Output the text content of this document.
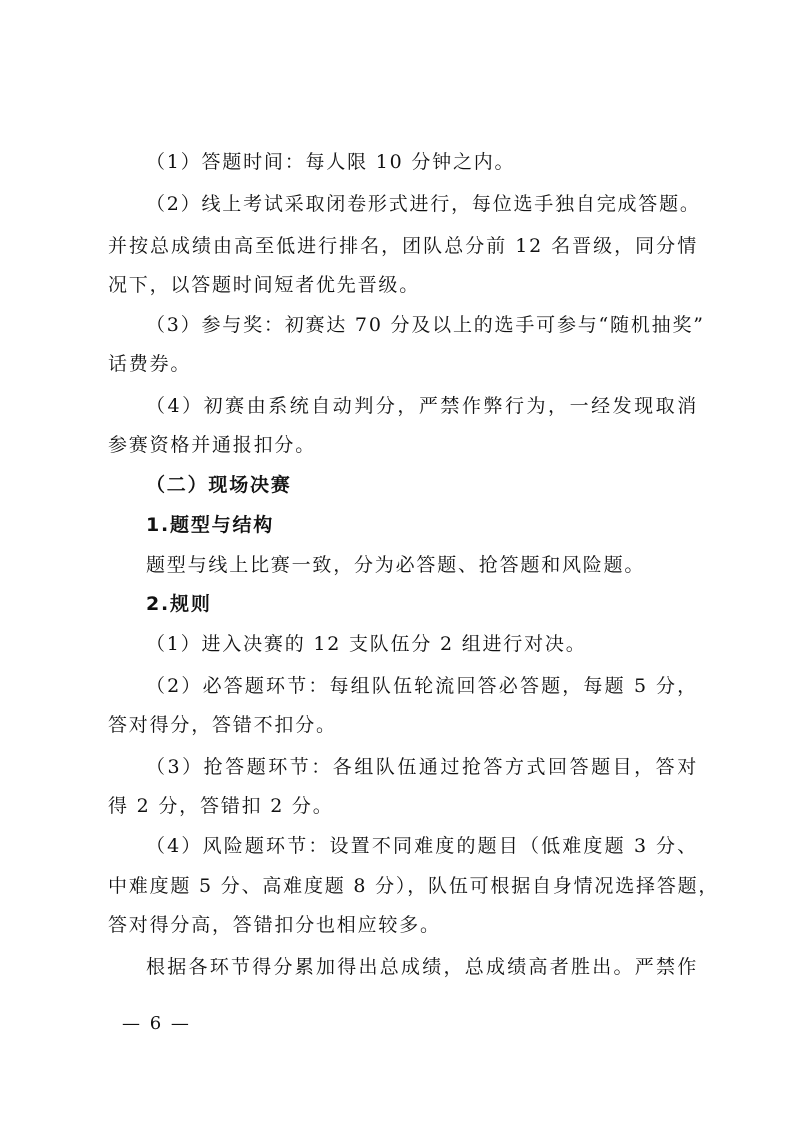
（1）答题时间：每人限 10 分钟之内。
（2）线上考试采取闭卷形式进行，每位选手独自完成答题。
并按总成绩由高至低进行排名，团队总分前 12 名晋级，同分情
况下，以答题时间短者优先晋级。
（3）参与奖：初赛达 70 分及以上的选手可参与“随机抽奖”
话费券。
（4）初赛由系统自动判分，严禁作弊行为，一经发现取消
参赛资格并通报扣分。
（二）现场决赛
1.题型与结构
题型与线上比赛一致，分为必答题、抢答题和风险题。
2.规则
（1）进入决赛的 12 支队伍分 2 组进行对决。
（2）必答题环节：每组队伍轮流回答必答题，每题 5 分，
答对得分，答错不扣分。
（3）抢答题环节：各组队伍通过抢答方式回答题目，答对
得 2 分，答错扣 2 分。
（4）风险题环节：设置不同难度的题目（低难度题 3 分、
中难度题 5 分、高难度题 8 分），队伍可根据自身情况选择答题，
答对得分高，答错扣分也相应较多。
根据各环节得分累加得出总成绩，总成绩高者胜出。严禁作
— 6 —
